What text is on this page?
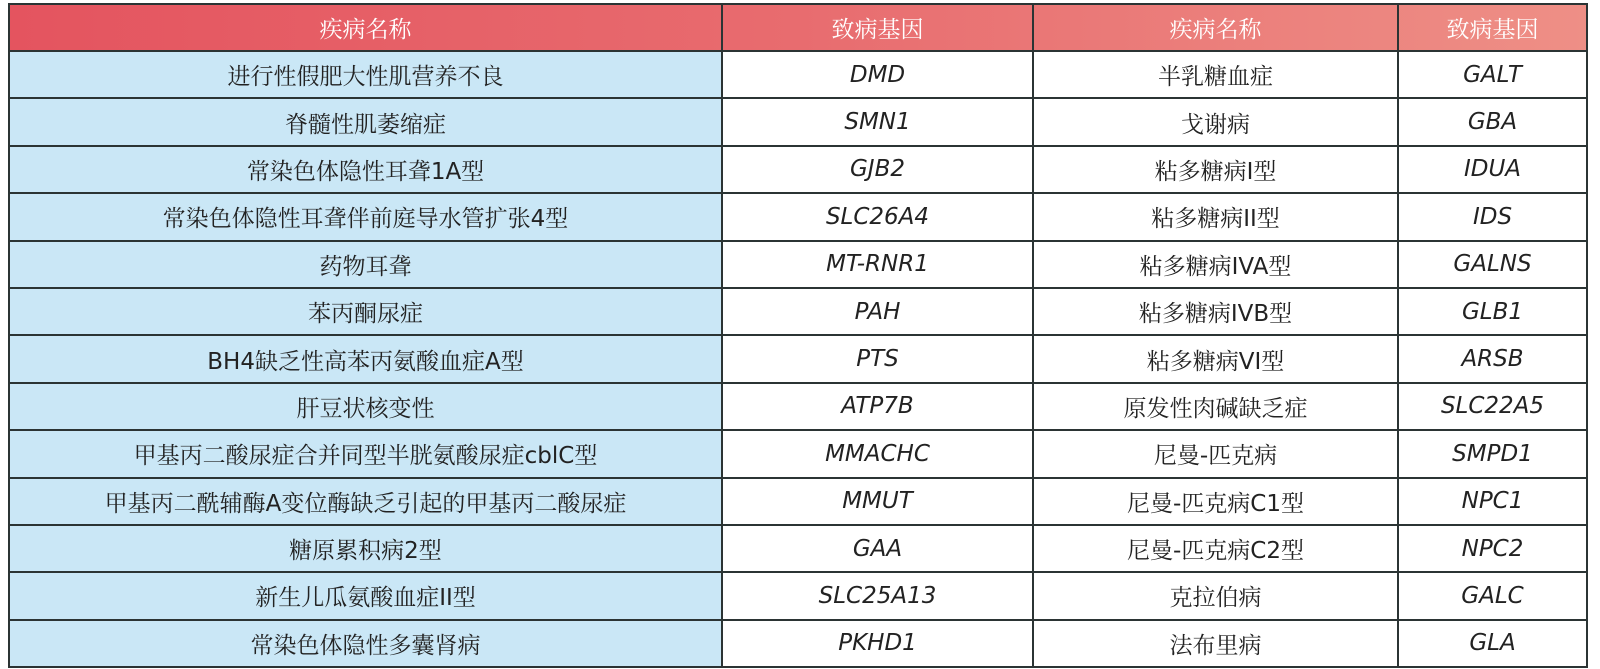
疾病名称	致病基因	疾病名称	致病基因
进行性假肥大性肌营养不良	DMD	半乳糖血症	GALT
脊髓性肌萎缩症	SMN1	戈谢病	GBA
常染色体隐性耳聋1A型	GJB2	粘多糖病I型	IDUA
常染色体隐性耳聋伴前庭导水管扩张4型	SLC26A4	粘多糖病II型	IDS
药物耳聋	MT-RNR1	粘多糖病IVA型	GALNS
苯丙酮尿症	PAH	粘多糖病IVB型	GLB1
BH4缺乏性高苯丙氨酸血症A型	PTS	粘多糖病VI型	ARSB
肝豆状核变性	ATP7B	原发性肉碱缺乏症	SLC22A5
甲基丙二酸尿症合并同型半胱氨酸尿症cblC型	MMACHC	尼曼-匹克病	SMPD1
甲基丙二酰辅酶A变位酶缺乏引起的甲基丙二酸尿症	MMUT	尼曼-匹克病C1型	NPC1
糖原累积病2型	GAA	尼曼-匹克病C2型	NPC2
新生儿瓜氨酸血症II型	SLC25A13	克拉伯病	GALC
常染色体隐性多囊肾病	PKHD1	法布里病	GLA
